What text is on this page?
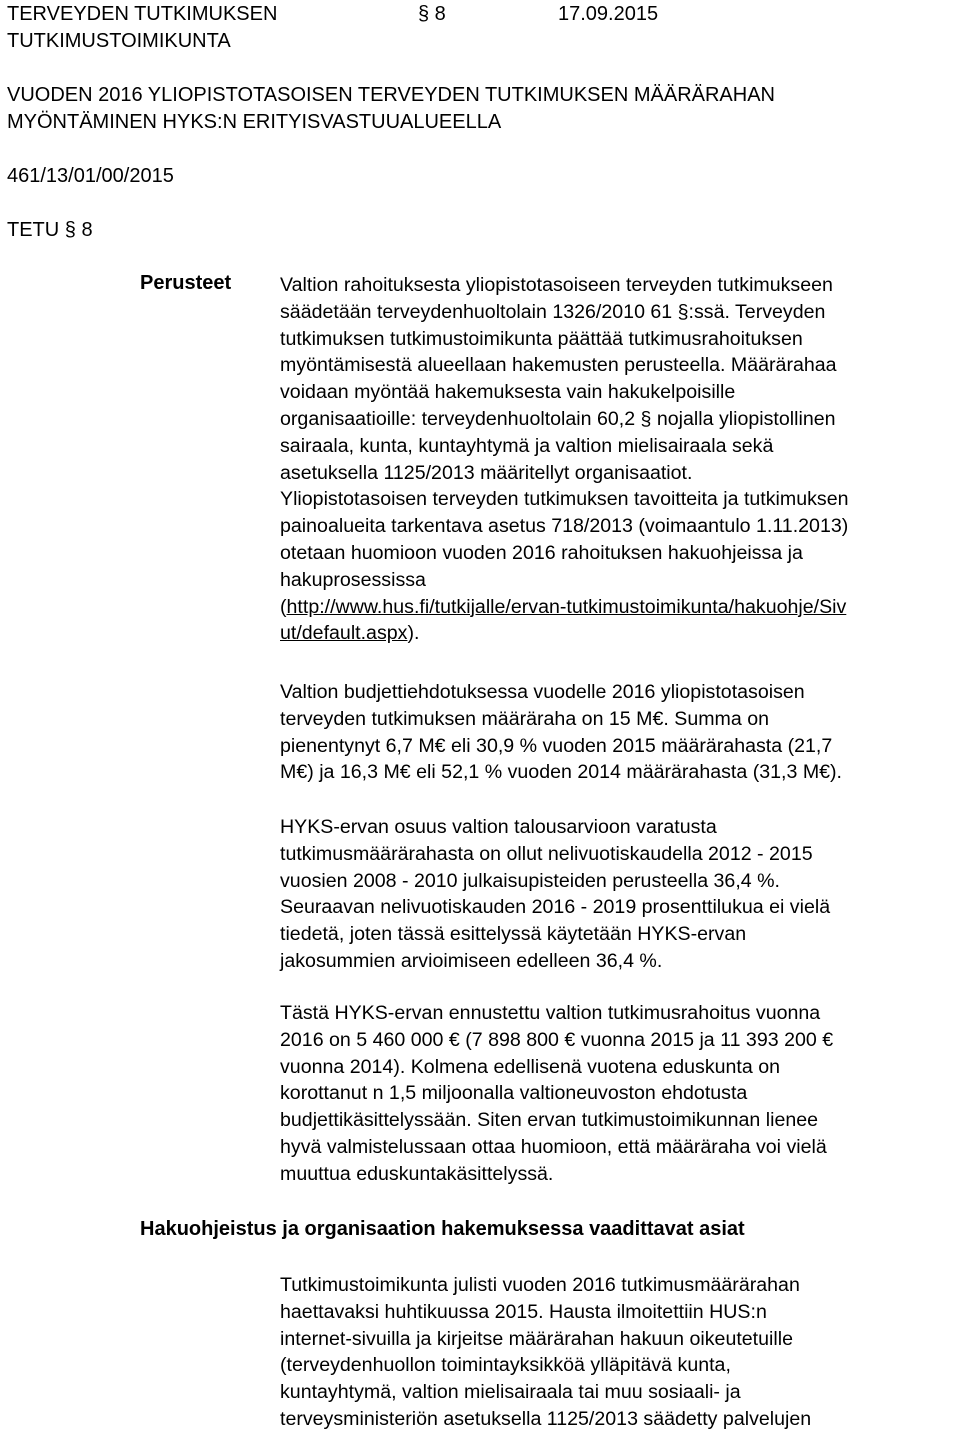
TERVEYDEN TUTKIMUKSEN
TUTKIMUSTOIMIKUNTA
§ 8	17.09.2015
VUODEN 2016 YLIOPISTOTASOISEN TERVEYDEN TUTKIMUKSEN MÄÄRÄRAHAN
MYÖNTÄMINEN HYKS:N ERITYISVASTUUALUEELLA
461/13/01/00/2015
TETU § 8
Perusteet Valtion rahoituksesta yliopistotasoiseen terveyden tutkimukseen
säädetään terveydenhuoltolain 1326/2010 61 §:ssä. Terveyden
tutkimuksen tutkimustoimikunta päättää tutkimusrahoituksen
myöntämisestä alueellaan hakemusten perusteella. Määrärahaa
voidaan myöntää hakemuksesta vain hakukelpoisille
organisaatioille: terveydenhuoltolain 60,2 § nojalla yliopistollinen
sairaala, kunta, kuntayhtymä ja valtion mielisairaala sekä
asetuksella 1125/2013 määritellyt organisaatiot.
Yliopistotasoisen terveyden tutkimuksen tavoitteita ja tutkimuksen
painoalueita tarkentava asetus 718/2013 (voimaantulo 1.11.2013)
otetaan huomioon vuoden 2016 rahoituksen hakuohjeissa ja
hakuprosessissa
(http://www.hus.fi/tutkijalle/ervan-tutkimustoimikunta/hakuohje/Siv
ut/default.aspx).
Valtion budjettiehdotuksessa vuodelle 2016 yliopistotasoisen
terveyden tutkimuksen määräraha on 15 M€. Summa on
pienentynyt 6,7 M€ eli 30,9 % vuoden 2015 määrärahasta (21,7
M€) ja 16,3 M€ eli 52,1 % vuoden 2014 määrärahasta (31,3 M€).
HYKS-ervan osuus valtion talousarvioon varatusta
tutkimusmäärärahasta on ollut nelivuotiskaudella 2012 - 2015
vuosien 2008 - 2010 julkaisupisteiden perusteella 36,4 %.
Seuraavan nelivuotiskauden 2016 - 2019 prosenttilukua ei vielä
tiedetä, joten tässä esittelyssä käytetään HYKS-ervan
jakosummien arvioimiseen edelleen 36,4 %.
Tästä HYKS-ervan ennustettu valtion tutkimusrahoitus vuonna
2016 on 5 460 000 € (7 898 800 € vuonna 2015 ja 11 393 200 €
vuonna 2014). Kolmena edellisenä vuotena eduskunta on
korottanut n 1,5 miljoonalla valtioneuvoston ehdotusta
budjettikäsittelyssään. Siten ervan tutkimustoimikunnan lienee
hyvä valmistelussaan ottaa huomioon, että määräraha voi vielä
muuttua eduskuntakäsittelyssä.
Hakuohjeistus ja organisaation hakemuksessa vaadittavat asiat
Tutkimustoimikunta julisti vuoden 2016 tutkimusmäärärahan
haettavaksi huhtikuussa 2015. Hausta ilmoitettiin HUS:n
internet-sivuilla ja kirjeitse määrärahan hakuun oikeutetuille
(terveydenhuollon toimintayksikköä ylläpitävä kunta,
kuntayhtymä, valtion mielisairaala tai muu sosiaali- ja
terveysministeriön asetuksella 1125/2013 säädetty palvelujen
